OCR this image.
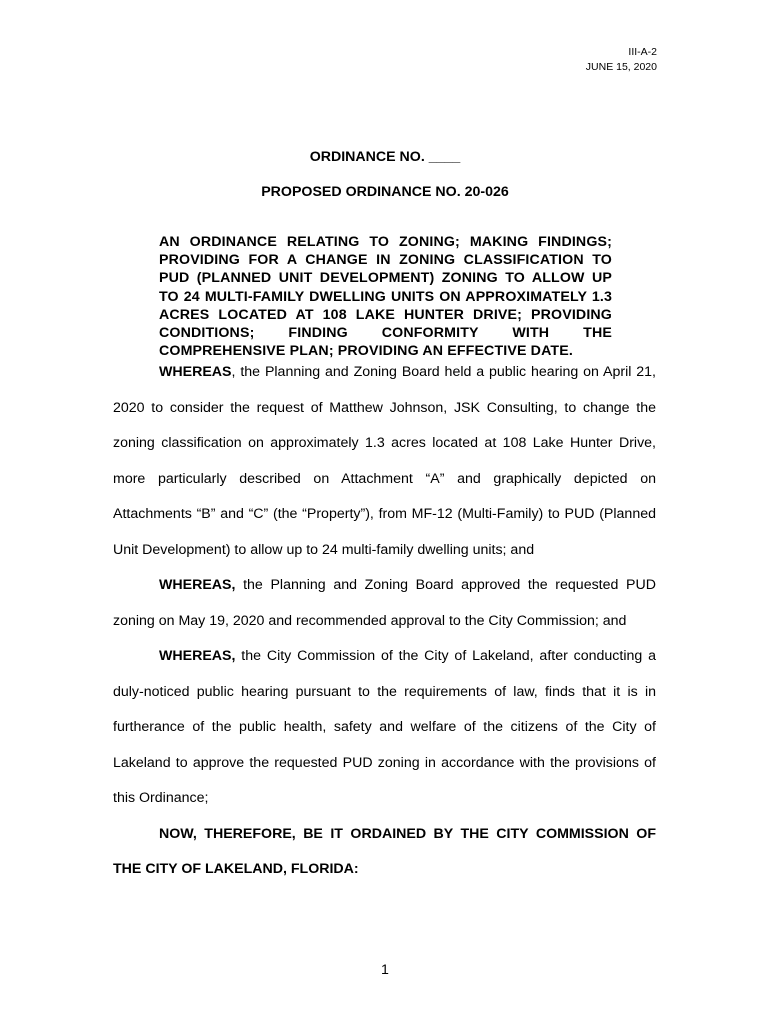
III-A-2
JUNE 15, 2020
ORDINANCE NO. ____
PROPOSED ORDINANCE NO. 20-026
AN ORDINANCE RELATING TO ZONING; MAKING FINDINGS; PROVIDING FOR A CHANGE IN ZONING CLASSIFICATION TO PUD (PLANNED UNIT DEVELOPMENT) ZONING TO ALLOW UP TO 24 MULTI-FAMILY DWELLING UNITS ON APPROXIMATELY 1.3 ACRES LOCATED AT 108 LAKE HUNTER DRIVE; PROVIDING CONDITIONS; FINDING CONFORMITY WITH THE COMPREHENSIVE PLAN; PROVIDING AN EFFECTIVE DATE.
WHEREAS, the Planning and Zoning Board held a public hearing on April 21,
2020 to consider the request of Matthew Johnson, JSK Consulting, to change the
zoning classification on approximately 1.3 acres located at 108 Lake Hunter Drive,
more particularly described on Attachment “A” and graphically depicted on
Attachments “B” and “C” (the “Property”), from MF-12 (Multi-Family) to PUD (Planned
Unit Development) to allow up to 24 multi-family dwelling units; and
WHEREAS, the Planning and Zoning Board approved the requested PUD
zoning on May 19, 2020 and recommended approval to the City Commission; and
WHEREAS, the City Commission of the City of Lakeland, after conducting a
duly-noticed public hearing pursuant to the requirements of law, finds that it is in
furtherance of the public health, safety and welfare of the citizens of the City of
Lakeland to approve the requested PUD zoning in accordance with the provisions of
this Ordinance;
NOW, THEREFORE, BE IT ORDAINED BY THE CITY COMMISSION OF
THE CITY OF LAKELAND, FLORIDA:
1
